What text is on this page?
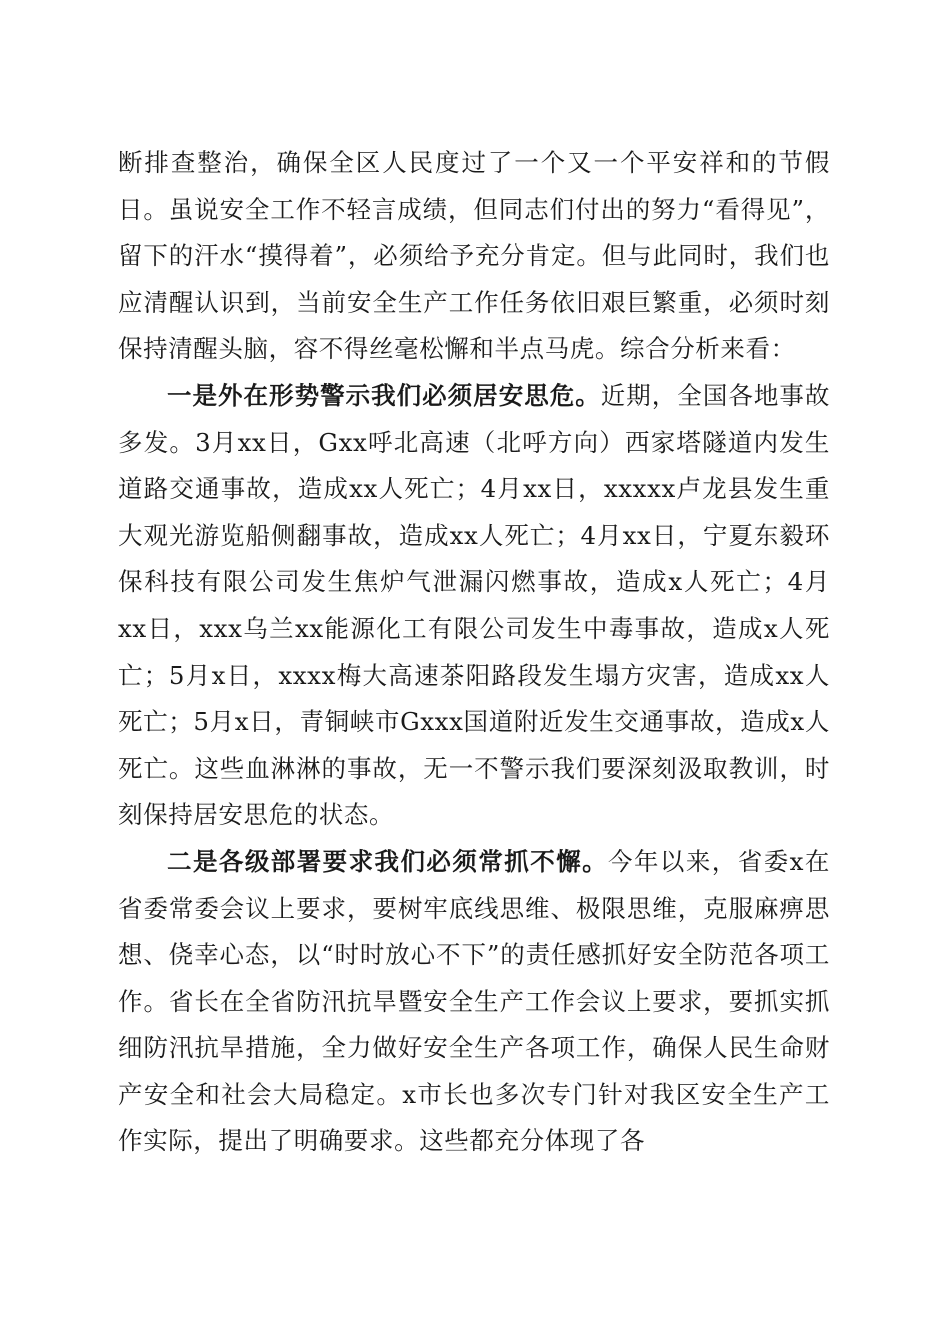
断排查整治，确保全区人民度过了一个又一个平安祥和的节假日。虽说安全工作不轻言成绩，但同志们付出的努力“看得见”，留下的汗水“摸得着”，必须给予充分肯定。但与此同时，我们也应清醒认识到，当前安全生产工作任务依旧艰巨繁重，必须时刻保持清醒头脑，容不得丝毫松懈和半点马虎。综合分析来看：

一是外在形势警示我们必须居安思危。近期，全国各地事故多发。3月xx日，Gxx呼北高速（北呼方向）西家塔隧道内发生道路交通事故，造成xx人死亡；4月xx日，xxxxx卢龙县发生重大观光游览船侧翻事故，造成xx人死亡；4月xx日，宁夏东毅环保科技有限公司发生焦炉气泄漏闪燃事故，造成x人死亡；4月xx日，xxx乌兰xx能源化工有限公司发生中毒事故，造成x人死亡；5月x日，xxxx梅大高速茶阳路段发生塌方灾害，造成xx人死亡；5月x日，青铜峡市Gxxx国道附近发生交通事故，造成x人死亡。这些血淋淋的事故，无一不警示我们要深刻汲取教训，时刻保持居安思危的状态。

二是各级部署要求我们必须常抓不懈。今年以来，省委x在省委常委会议上要求，要树牢底线思维、极限思维，克服麻痹思想、侥幸心态，以“时时放心不下”的责任感抓好安全防范各项工作。省长在全省防汛抗旱暨安全生产工作会议上要求，要抓实抓细防汛抗旱措施，全力做好安全生产各项工作，确保人民生命财产安全和社会大局稳定。x市长也多次专门针对我区安全生产工作实际，提出了明确要求。这些都充分体现了各
